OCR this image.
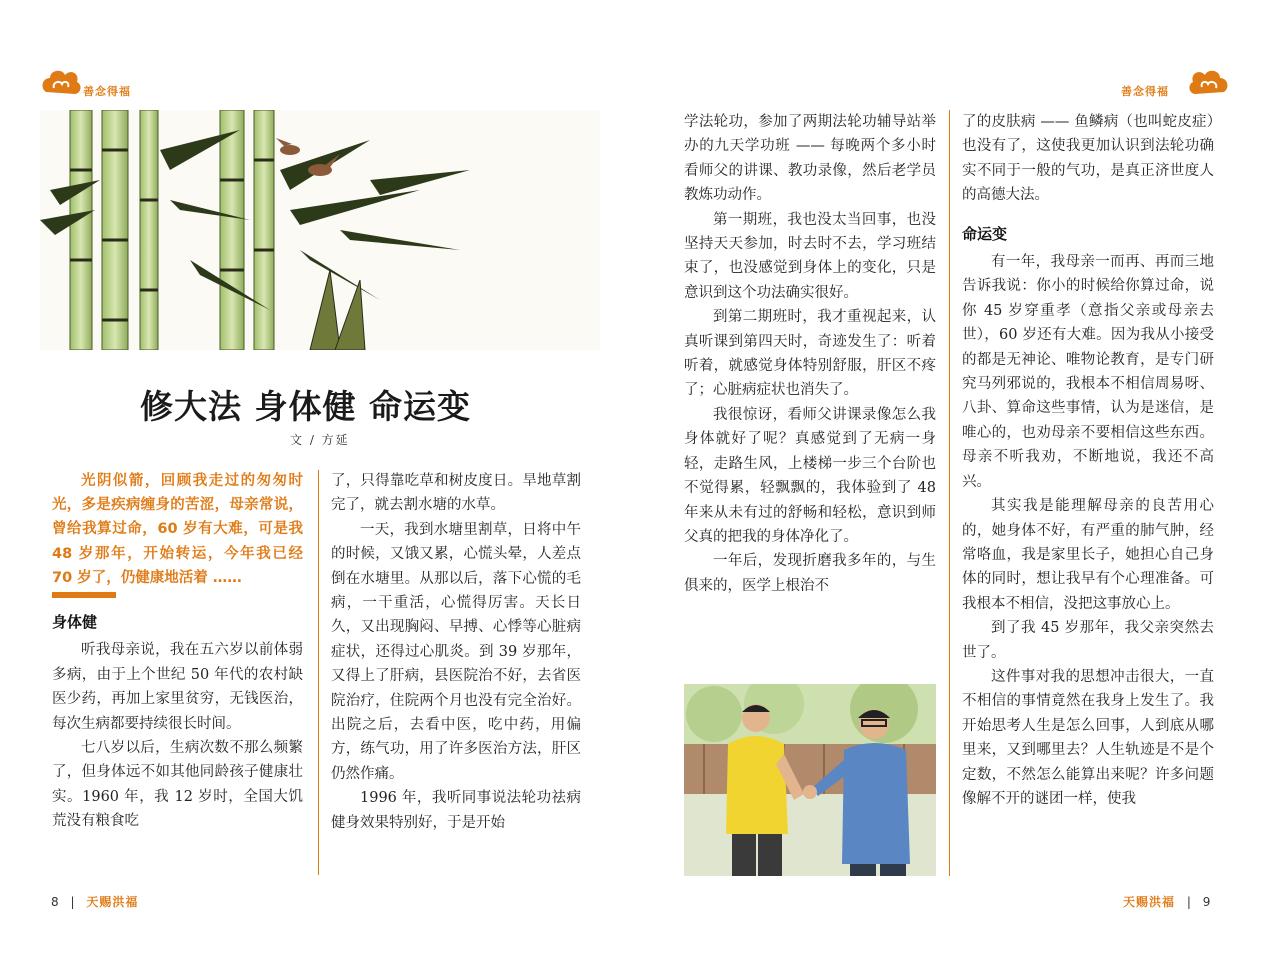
善念得福	善念得福
修大法 身体健 命运变
文 / 方延
光阴似箭，回顾我走过的匆匆时光，多是疾病缠身的苦涩，母亲常说，曾给我算过命，60 岁有大难，可是我 48 岁那年，开始转运，今年我已经 70 岁了，仍健康地活着 ……
身体健

听我母亲说，我在五六岁以前体弱多病，由于上个世纪 50 年代的农村缺医少药，再加上家里贫穷，无钱医治，每次生病都要持续很长时间。

七八岁以后，生病次数不那么频繁了，但身体远不如其他同龄孩子健康壮实。1960 年，我 12 岁时，全国大饥荒没有粮食吃

了，只得靠吃草和树皮度日。旱地草割完了，就去割水塘的水草。

一天，我到水塘里割草，日将中午的时候，又饿又累，心慌头晕，人差点倒在水塘里。从那以后，落下心慌的毛病，一干重活，心慌得厉害。天长日久，又出现胸闷、早搏、心悸等心脏病症状，还得过心肌炎。到 39 岁那年，又得上了肝病，县医院治不好，去省医院治疗，住院两个月也没有完全治好。出院之后，去看中医，吃中药，用偏方，练气功，用了许多医治方法，肝区仍然作痛。

1996 年，我听同事说法轮功祛病健身效果特别好，于是开始

学法轮功，参加了两期法轮功辅导站举办的九天学功班 —— 每晚两个多小时看师父的讲课、教功录像，然后老学员教炼功动作。

第一期班，我也没太当回事，也没坚持天天参加，时去时不去，学习班结束了，也没感觉到身体上的变化，只是意识到这个功法确实很好。

到第二期班时，我才重视起来，认真听课到第四天时，奇迹发生了：听着听着，就感觉身体特别舒服，肝区不疼了；心脏病症状也消失了。

我很惊讶，看师父讲课录像怎么我身体就好了呢？真感觉到了无病一身轻，走路生风，上楼梯一步三个台阶也不觉得累，轻飘飘的，我体验到了 48 年来从未有过的舒畅和轻松，意识到师父真的把我的身体净化了。

一年后，发现折磨我多年的，与生俱来的，医学上根治不

了的皮肤病 —— 鱼鳞病（也叫蛇皮症）也没有了，这使我更加认识到法轮功确实不同于一般的气功，是真正济世度人的高德大法。

命运变

有一年，我母亲一而再、再而三地告诉我说：你小的时候给你算过命，说你 45 岁穿重孝（意指父亲或母亲去世），60 岁还有大难。因为我从小接受的都是无神论、唯物论教育，是专门研究马列邪说的，我根本不相信周易呀、八卦、算命这些事情，认为是迷信，是唯心的，也劝母亲不要相信这些东西。母亲不听我劝，不断地说，我还不高兴。

其实我是能理解母亲的良苦用心的，她身体不好，有严重的肺气肿，经常咯血，我是家里长子，她担心自己身体的同时，想让我早有个心理准备。可我根本不相信，没把这事放心上。

到了我 45 岁那年，我父亲突然去世了。

这件事对我的思想冲击很大，一直不相信的事情竟然在我身上发生了。我开始思考人生是怎么回事，人到底从哪里来，又到哪里去？人生轨迹是不是个定数，不然怎么能算出来呢？许多问题像解不开的谜团一样，使我

8 | 天赐洪福	天赐洪福 | 9
